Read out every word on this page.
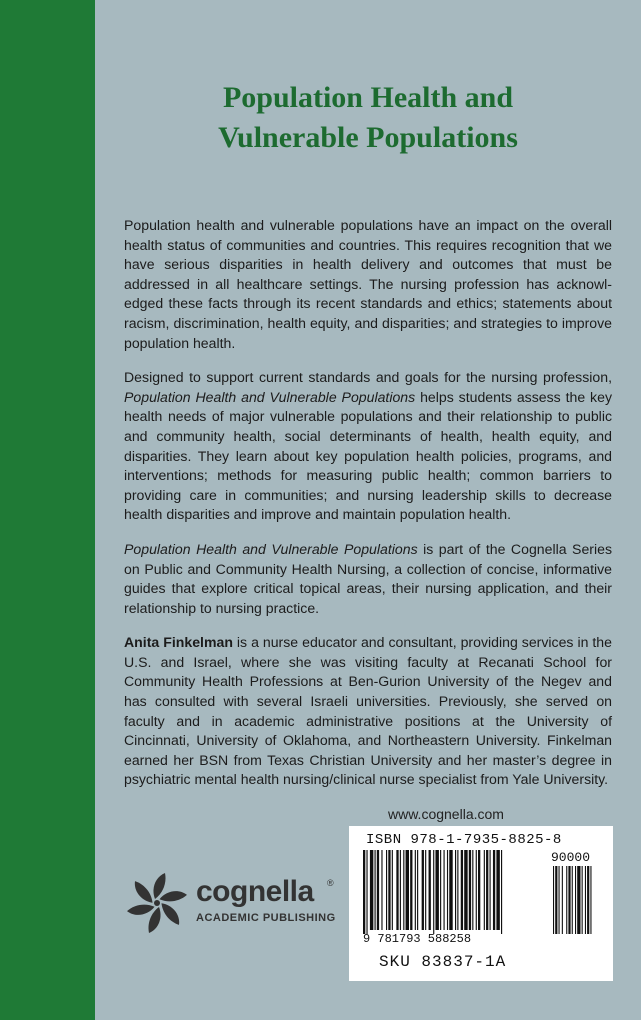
Population Health and
Vulnerable Populations

Population health and vulnerable populations have an impact on the overall health status of communities and countries. This requires recognition that we have serious disparities in health delivery and outcomes that must be addressed in all healthcare settings. The nursing profession has acknowledged these facts through its recent standards and ethics; statements about racism, discrimination, health equity, and disparities; and strategies to improve population health.

Designed to support current standards and goals for the nursing profession, Population Health and Vulnerable Populations helps students assess the key health needs of major vulnerable populations and their relationship to public and community health, social determinants of health, health equity, and disparities. They learn about key population health policies, programs, and interventions; methods for measuring public health; common barriers to providing care in communities; and nursing leadership skills to decrease health disparities and improve and maintain population health.

Population Health and Vulnerable Populations is part of the Cognella Series on Public and Community Health Nursing, a collection of concise, informative guides that explore critical topical areas, their nursing application, and their relationship to nursing practice.

Anita Finkelman is a nurse educator and consultant, providing services in the U.S. and Israel, where she was visiting faculty at Recanati School for Community Health Professions at Ben-Gurion University of the Negev and has consulted with several Israeli universities. Previously, she served on faculty and in academic administrative positions at the University of Cincinnati, University of Oklahoma, and Northeastern University. Finkelman earned her BSN from Texas Christian University and her master’s degree in psychiatric mental health nursing/clinical nurse specialist from Yale University.

www.cognella.com
cognella ®
ACADEMIC PUBLISHING
ISBN 978-1-7935-8825-8
90000
9 781793 588258
SKU 83837-1A
